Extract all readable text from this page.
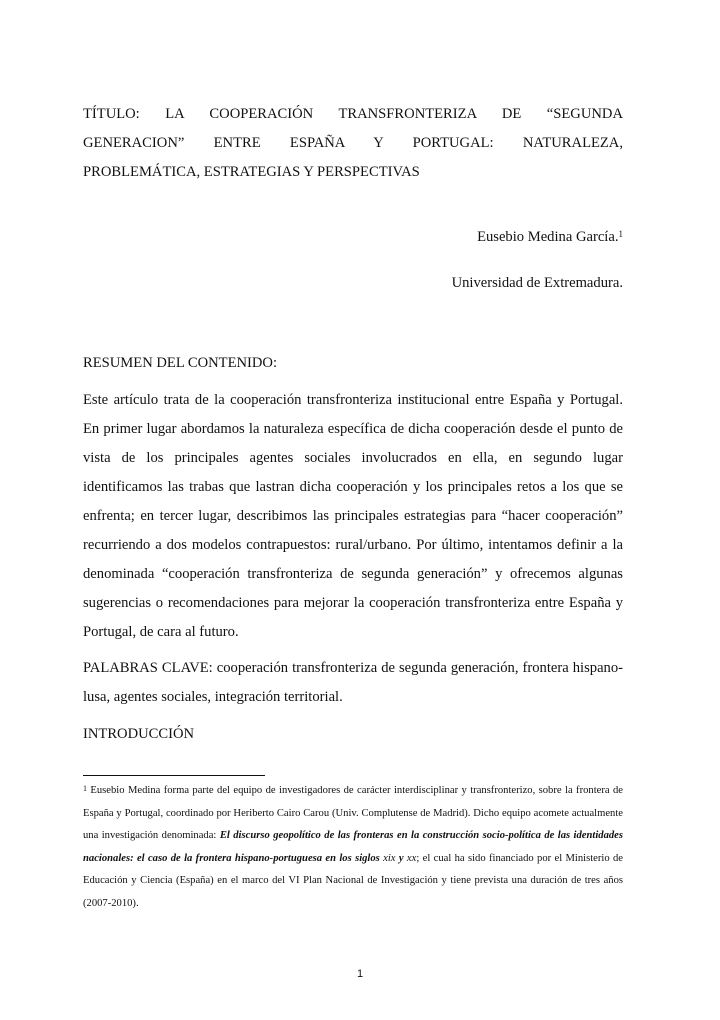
TÍTULO: LA COOPERACIÓN TRANSFRONTERIZA DE “SEGUNDA
GENERACION” ENTRE ESPAÑA Y PORTUGAL: NATURALEZA,
PROBLEMÁTICA, ESTRATEGIAS Y PERSPECTIVAS
Eusebio Medina García.$^1$
Universidad de Extremadura.

RESUMEN DEL CONTENIDO:

Este artículo trata de la cooperación transfronteriza institucional entre España y Portugal. En primer lugar abordamos la naturaleza específica de dicha cooperación desde el punto de vista de los principales agentes sociales involucrados en ella, en segundo lugar identificamos las trabas que lastran dicha cooperación y los principales retos a los que se enfrenta; en tercer lugar, describimos las principales estrategias para “hacer cooperación” recurriendo a dos modelos contrapuestos: rural/urbano. Por último, intentamos definir a la denominada “cooperación transfronteriza de segunda generación” y ofrecemos algunas sugerencias o recomendaciones para mejorar la cooperación transfronteriza entre España y Portugal, de cara al futuro.

PALABRAS CLAVE: cooperación transfronteriza de segunda generación, frontera hispano-lusa, agentes sociales, integración territorial.

INTRODUCCIÓN

$^1$ Eusebio Medina forma parte del equipo de investigadores de carácter interdisciplinar y transfronterizo, sobre la frontera de España y Portugal, coordinado por Heriberto Cairo Carou (Univ. Complutense de Madrid). Dicho equipo acomete actualmente una investigación denominada: El discurso geopolítico de las fronteras en la construcción socio-política de las identidades nacionales: el caso de la frontera hispano-portuguesa en los siglos xix y xx; el cual ha sido financiado por el Ministerio de Educación y Ciencia (España) en el marco del VI Plan Nacional de Investigación y tiene prevista una duración de tres años (2007-2010).

1
